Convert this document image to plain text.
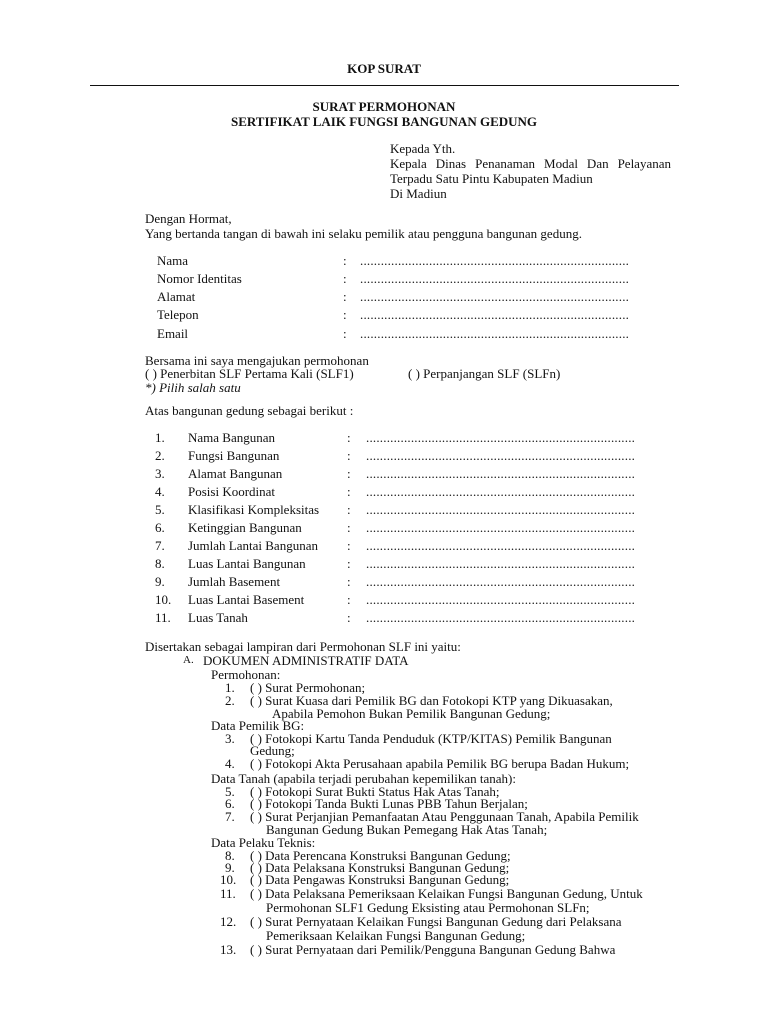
KOP SURAT
SURAT PERMOHONAN
SERTIFIKAT LAIK FUNGSI BANGUNAN GEDUNG
Kepada Yth.
Kepala Dinas Penanaman Modal Dan Pelayanan
Terpadu Satu Pintu Kabupaten Madiun
Di Madiun
Dengan Hormat,
Yang bertanda tangan di bawah ini selaku pemilik atau pengguna bangunan gedung.
Nama	: ..............................................................................
Nomor Identitas	: ..............................................................................
Alamat	: ..............................................................................
Telepon	: ..............................................................................
Email	: ..............................................................................
Bersama ini saya mengajukan permohonan
( ) Penerbitan SLF Pertama Kali (SLF1)	( ) Perpanjangan SLF (SLFn)
*) Pilih salah satu
Atas bangunan gedung sebagai berikut :
1. Nama Bangunan	: ..............................................................................
2. Fungsi Bangunan	: ..............................................................................
3. Alamat Bangunan	: ..............................................................................
4. Posisi Koordinat	: ..............................................................................
5. Klasifikasi Kompleksitas : ..............................................................................
6. Ketinggian Bangunan	: ..............................................................................
7. Jumlah Lantai Bangunan : ..............................................................................
8. Luas Lantai Bangunan	: ..............................................................................
9. Jumlah Basement	: ..............................................................................
10. Luas Lantai Basement	: ..............................................................................
11. Luas Tanah	: ..............................................................................
Disertakan sebagai lampiran dari Permohonan SLF ini yaitu:
A. DOKUMEN ADMINISTRATIF DATA
Permohonan:
1. ( ) Surat Permohonan;
2. ( ) Surat Kuasa dari Pemilik BG dan Fotokopi KTP yang Dikuasakan,
Apabila Pemohon Bukan Pemilik Bangunan Gedung;
Data Pemilik BG:
3. ( ) Fotokopi Kartu Tanda Penduduk (KTP/KITAS) Pemilik Bangunan
Gedung;
4. ( ) Fotokopi Akta Perusahaan apabila Pemilik BG berupa Badan Hukum;
Data Tanah (apabila terjadi perubahan kepemilikan tanah):
5. ( ) Fotokopi Surat Bukti Status Hak Atas Tanah;
6. ( ) Fotokopi Tanda Bukti Lunas PBB Tahun Berjalan;
7. ( ) Surat Perjanjian Pemanfaatan Atau Penggunaan Tanah, Apabila Pemilik
Bangunan Gedung Bukan Pemegang Hak Atas Tanah;
Data Pelaku Teknis:
8. ( ) Data Perencana Konstruksi Bangunan Gedung;
9. ( ) Data Pelaksana Konstruksi Bangunan Gedung;
10. ( ) Data Pengawas Konstruksi Bangunan Gedung;
11. ( ) Data Pelaksana Pemeriksaan Kelaikan Fungsi Bangunan Gedung, Untuk
Permohonan SLF1 Gedung Eksisting atau Permohonan SLFn;
12. ( ) Surat Pernyataan Kelaikan Fungsi Bangunan Gedung dari Pelaksana
Pemeriksaan Kelaikan Fungsi Bangunan Gedung;
13. ( ) Surat Pernyataan dari Pemilik/Pengguna Bangunan Gedung Bahwa
